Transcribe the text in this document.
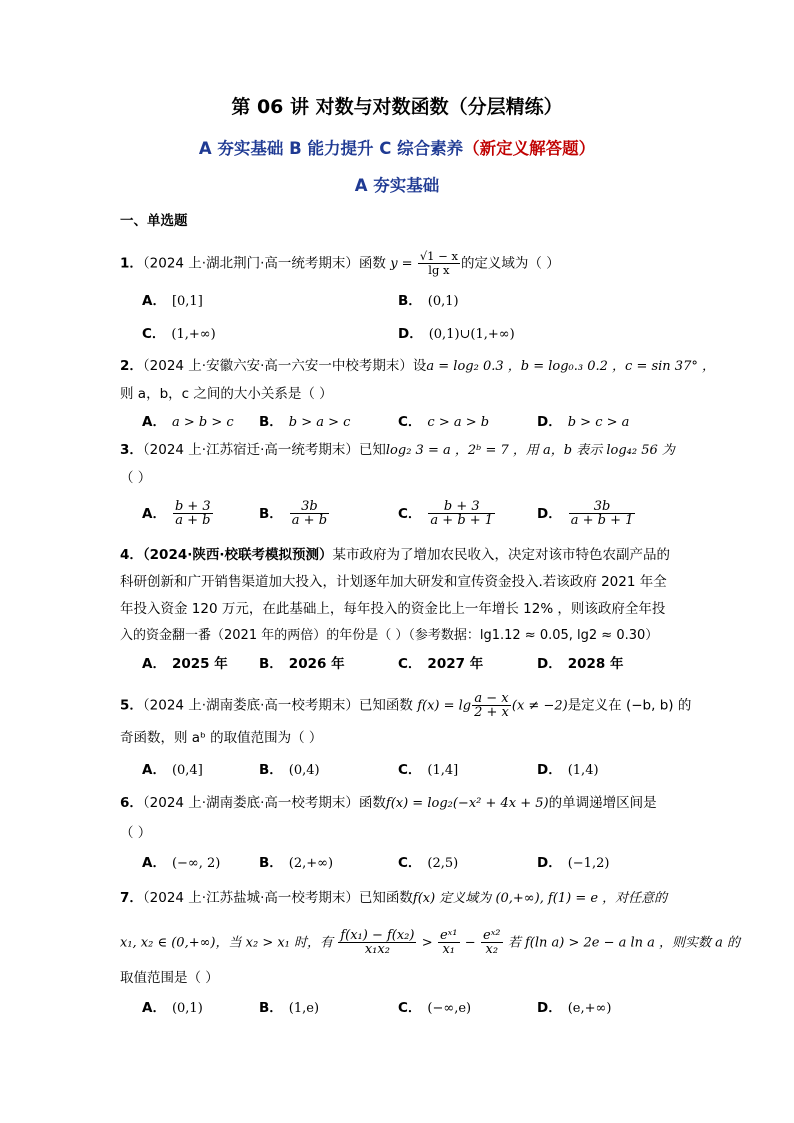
第 06 讲 对数与对数函数（分层精练）
A 夯实基础 B 能力提升 C 综合素养（新定义解答题）
A 夯实基础
一、单选题
1．（2024 上·湖北荆门·高一统考期末）函数 $y = \frac{√1 - x}{\text{lg x}}$ 的定义域为（ ）
A． [0,1]	B． (0,1)
C． (1,+∞)	D． (0,1)∪(1,+∞)
2．（2024 上·安徽六安·高一六安一中校考期末）设a = log₂ 0.3 ，b = log₀.₃ 0.2 ，c = sin 37° ，
则 a，b，c 之间的大小关系是（ ）
A． a > b > c B． b > a > c	C． c > a > b	D． b > c > a
3．（2024 上·江苏宿迁·高一统考期末）已知log₂ 3 = a ，2ᵇ = 7 ，用 a，b 表示 log₄₂ 56 为
（ ）
A． $\frac{b + 3}{a + b}$	B． $\frac{3b}{a + b}$	C． $\frac{b + 3}{a + b + 1}$	D． $\frac{3b}{a + b + 1}$
4．（2024·陕西·校联考模拟预测）某市政府为了增加农民收入，决定对该市特色农副产品的
科研创新和广开销售渠道加大投入，计划逐年加大研发和宣传资金投入.若该政府 2021 年全
年投入资金 120 万元，在此基础上，每年投入的资金比上一年增长 12% ，则该政府全年投
入的资金翻一番（2021 年的两倍）的年份是（ ）（参考数据：lg1.12 ≈ 0.05, lg2 ≈ 0.30）
A． 2025 年 B． 2026 年	C． 2027 年	D． 2028 年
5．（2024 上·湖南娄底·高一校考期末）已知函数 $f(x) = \lg \frac{a - x}{2 + x} (x \ne -2)$是定义在 (−b, b) 的
奇函数，则 aᵇ 的取值范围为（ ）
A． (0,4]	B． (0,4)	C． (1,4]	D． (1,4)
6．（2024 上·湖南娄底·高一校考期末）函数f(x) = log₂(−x² + 4x + 5)的单调递增区间是
（ ）
A． (−∞, 2)	B． (2,+∞)	C． (2,5)	D． (−1,2)
7．（2024 上·江苏盐城·高一校考期末）已知函数f(x) 定义域为 (0,+∞), f(1) = e ，对任意的
x₁, x₂ ∈ (0,+∞)，当 x₂ > x₁ 时，有 $\frac{\text{f(x₁) − f(x₂)}}{\text{x₁x₂}} > \frac{\text{eˣ¹}}{\text{x₁}} - \frac{\text{eˣ²}}{\text{x₂}}$ 若 f(ln a) > 2e − a ln a ，则实数 a 的
取值范围是（ ）
A． (0,1)	B． (1,e)	C． (−∞,e)	D． (e,+∞)
